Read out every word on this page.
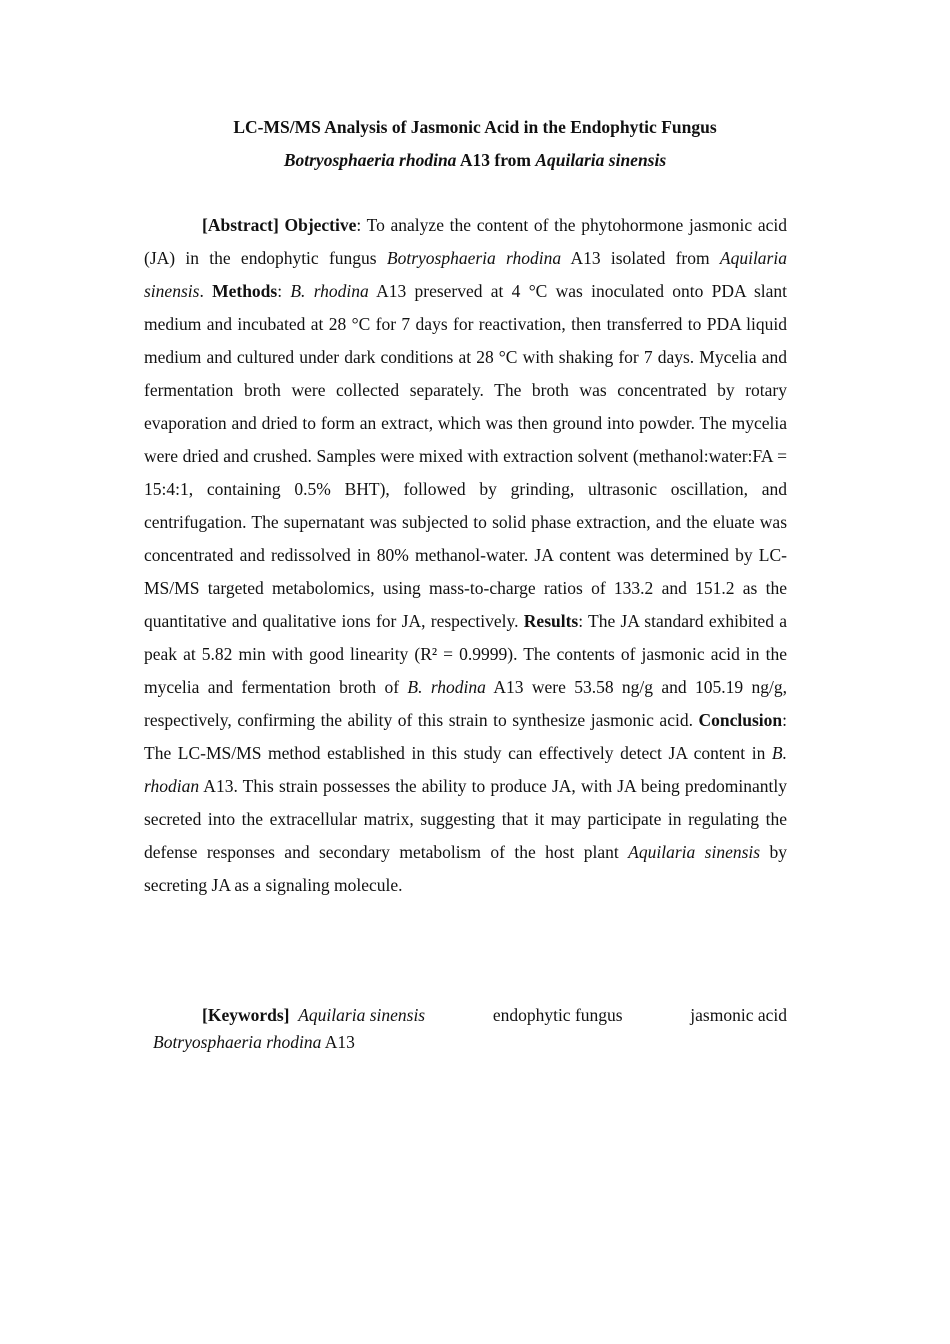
LC-MS/MS Analysis of Jasmonic Acid in the Endophytic Fungus
Botryosphaeria rhodina A13 from Aquilaria sinensis

[Abstract] Objective: To analyze the content of the phytohormone jasmonic acid (JA) in the endophytic fungus Botryosphaeria rhodina A13 isolated from Aquilaria sinensis. Methods: B. rhodina A13 preserved at 4 °C was inoculated onto PDA slant medium and incubated at 28 °C for 7 days for reactivation, then transferred to PDA liquid medium and cultured under dark conditions at 28 °C with shaking for 7 days. Mycelia and fermentation broth were collected separately. The broth was concentrated by rotary evaporation and dried to form an extract, which was then ground into powder. The mycelia were dried and crushed. Samples were mixed with extraction solvent (methanol:water:FA = 15:4:1, containing 0.5% BHT), followed by grinding, ultrasonic oscillation, and centrifugation. The supernatant was subjected to solid phase extraction, and the eluate was concentrated and redissolved in 80% methanol-water. JA content was determined by LC-MS/MS targeted metabolomics, using mass-to-charge ratios of 133.2 and 151.2 as the quantitative and qualitative ions for JA, respectively. Results: The JA standard exhibited a peak at 5.82 min with good linearity (R² = 0.9999). The contents of jasmonic acid in the mycelia and fermentation broth of B. rhodina A13 were 53.58 ng/g and 105.19 ng/g, respectively, confirming the ability of this strain to synthesize jasmonic acid. Conclusion: The LC-MS/MS method established in this study can effectively detect JA content in B. rhodian A13. This strain possesses the ability to produce JA, with JA being predominantly secreted into the extracellular matrix, suggesting that it may participate in regulating the defense responses and secondary metabolism of the host plant Aquilaria sinensis by secreting JA as a signaling molecule.

[Keywords] Aquilaria sinensis	endophytic fungus	jasmonic acid
Botryosphaeria rhodina A13
